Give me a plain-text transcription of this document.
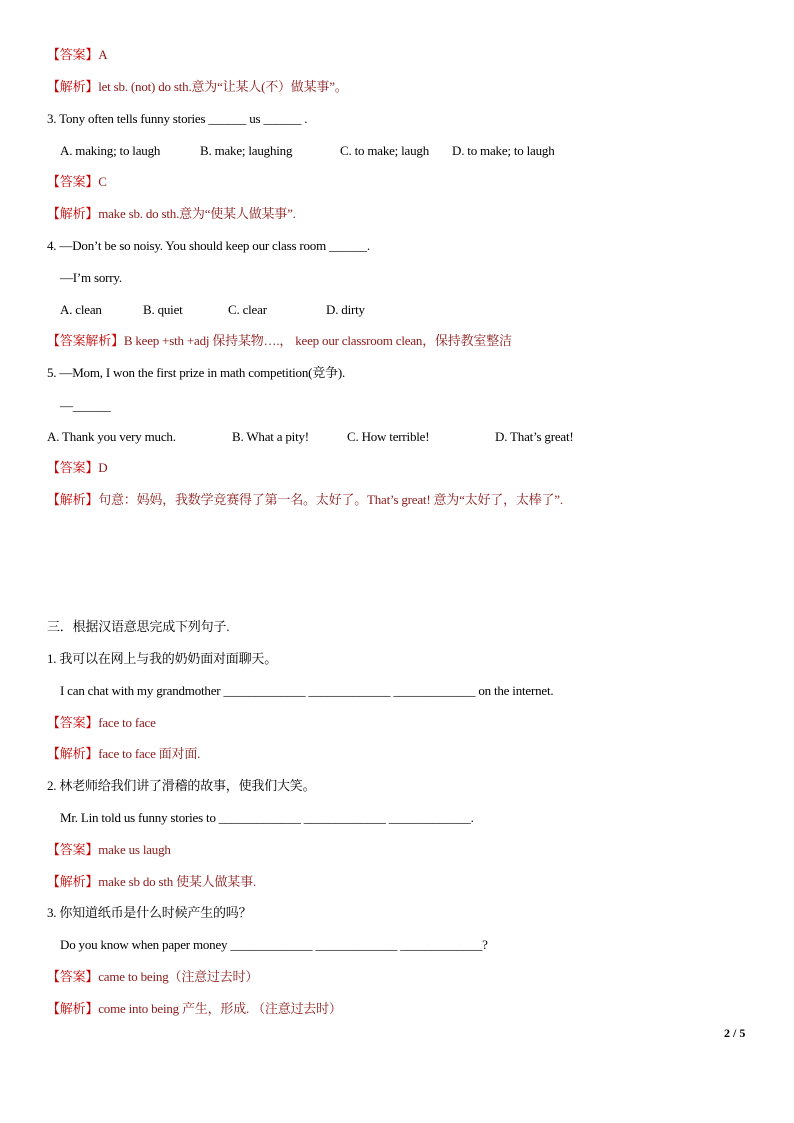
【答案】A
【解析】let sb. (not) do sth.意为“让某人(不）做某事”。
3. Tony often tells funny stories ______ us ______ .
A. making; to laugh	B. make; laughing	C. to make; laugh D. to make; to laugh
【答案】C
【解析】make sb. do sth.意为“使某人做某事”.
4. —Don’t be so noisy. You should keep our class room ______.
—I’m sorry.
A. clean	B. quiet	C. clear	D. dirty
【答案解析】B keep +sth +adj 保持某物….， keep our classroom clean，保持教室整洁
5. —Mom, I won the first prize in math competition(竞争).
—______
A. Thank you very much.	B. What a pity!	C. How terrible!	D. That’s great!
【答案】D
【解析】句意：妈妈，我数学竞赛得了第一名。太好了。That’s great! 意为“太好了，太棒了”.
三．根据汉语意思完成下列句子.
1. 我可以在网上与我的奶奶面对面聊天。
I can chat with my grandmother _____________ _____________ _____________ on the internet.
【答案】face to face
【解析】face to face 面对面.
2. 林老师给我们讲了滑稽的故事，使我们大笑。
Mr. Lin told us funny stories to _____________ _____________ _____________.
【答案】make us laugh
【解析】make sb do sth 使某人做某事.
3. 你知道纸币是什么时候产生的吗？
Do you know when paper money _____________ _____________ _____________?
【答案】came to being（注意过去时）
【解析】come into being 产生，形成. （注意过去时）
2 / 5
